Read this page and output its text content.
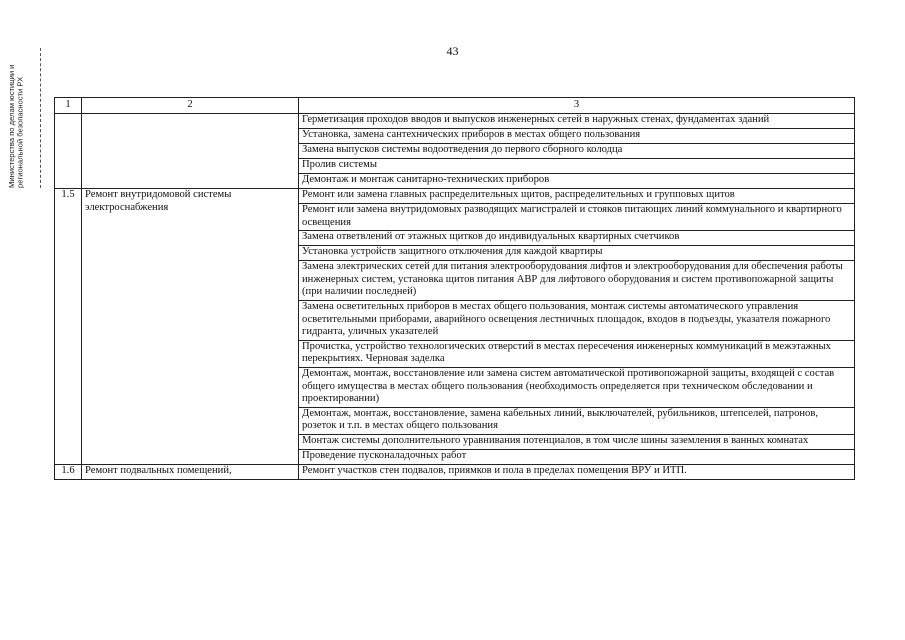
43
Министерства по делам юстиции и региональной безопасности РХ	1	2	3
		Герметизация проходов вводов и выпусков инженерных сетей в наружных стенах, фундаментах зданий
		Установка, замена сантехнических приборов в местах общего пользования
		Замена выпусков системы водоотведения до первого сборного колодца
		Пролив системы
		Демонтаж и монтаж санитарно-технических приборов
1.5	Ремонт внутридомовой системы электроснабжения	Ремонт или замена главных распределительных щитов, распределительных и групповых щитов
		Ремонт или замена внутридомовых разводящих магистралей и стояков питающих линий коммунального и квартирного освещения
		Замена ответвлений от этажных щитков до индивидуальных квартирных счетчиков
		Установка устройств защитного отключения для каждой квартиры
		Замена электрических сетей для питания электрооборудования лифтов и электрооборудования для обеспечения работы инженерных систем, установка щитов питания АВР для лифтового оборудования и систем противопожарной защиты (при наличии последней)
		Замена осветительных приборов в местах общего пользования, монтаж системы автоматического управления осветительными приборами, аварийного освещения лестничных площадок, входов в подъезды, указателя пожарного гидранта, уличных указателей
		Прочистка, устройство технологических отверстий в местах пересечения инженерных коммуникаций в межэтажных перекрытиях. Черновая заделка
		Демонтаж, монтаж, восстановление или замена систем автоматической противопожарной защиты, входящей с состав общего имущества в местах общего пользования (необходимость определяется при техническом обследовании и проектировании)
		Демонтаж, монтаж, восстановление, замена кабельных линий, выключателей, рубильников, штепселей, патронов, розеток и т.п. в местах общего пользования
		Монтаж системы дополнительного уравнивания потенциалов, в том числе шины заземления в ванных комнатах
		Проведение пусконаладочных работ
1.6	Ремонт подвальных помещений,	Ремонт участков стен подвалов, приямков и пола в пределах помещения ВРУ и ИТП.
